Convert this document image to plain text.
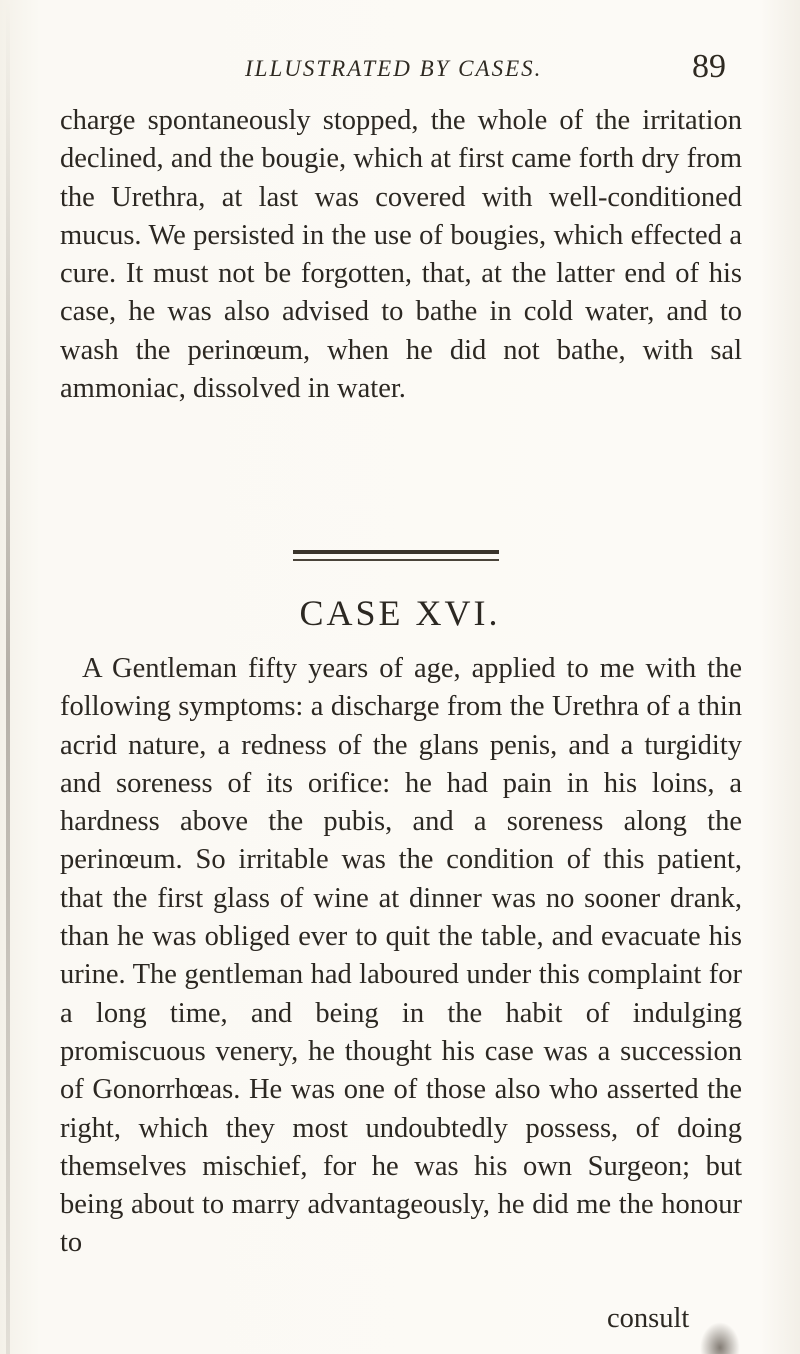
ILLUSTRATED BY CASES.	89

charge spontaneously stopped, the whole of the irritation declined, and the bougie, which at first came forth dry from the Urethra, at last was covered with well-conditioned mucus. We persisted in the use of bougies, which effected a cure. It must not be forgotten, that, at the latter end of his case, he was also advised to bathe in cold water, and to wash the perinœum, when he did not bathe, with sal ammoniac, dissolved in water.

CASE XVI.

A Gentleman fifty years of age, applied to me with the following symptoms: a discharge from the Urethra of a thin acrid nature, a redness of the glans penis, and a turgidity and soreness of its orifice: he had pain in his loins, a hardness above the pubis, and a soreness along the perinœum. So irritable was the condition of this patient, that the first glass of wine at dinner was no sooner drank, than he was obliged ever to quit the table, and evacuate his urine. The gentleman had laboured under this complaint for a long time, and being in the habit of indulging promiscuous venery, he thought his case was a succession of Gonorrhœas. He was one of those also who asserted the right, which they most undoubtedly possess, of doing themselves mischief, for he was his own Surgeon; but being about to marry advantageously, he did me the honour to

consult
